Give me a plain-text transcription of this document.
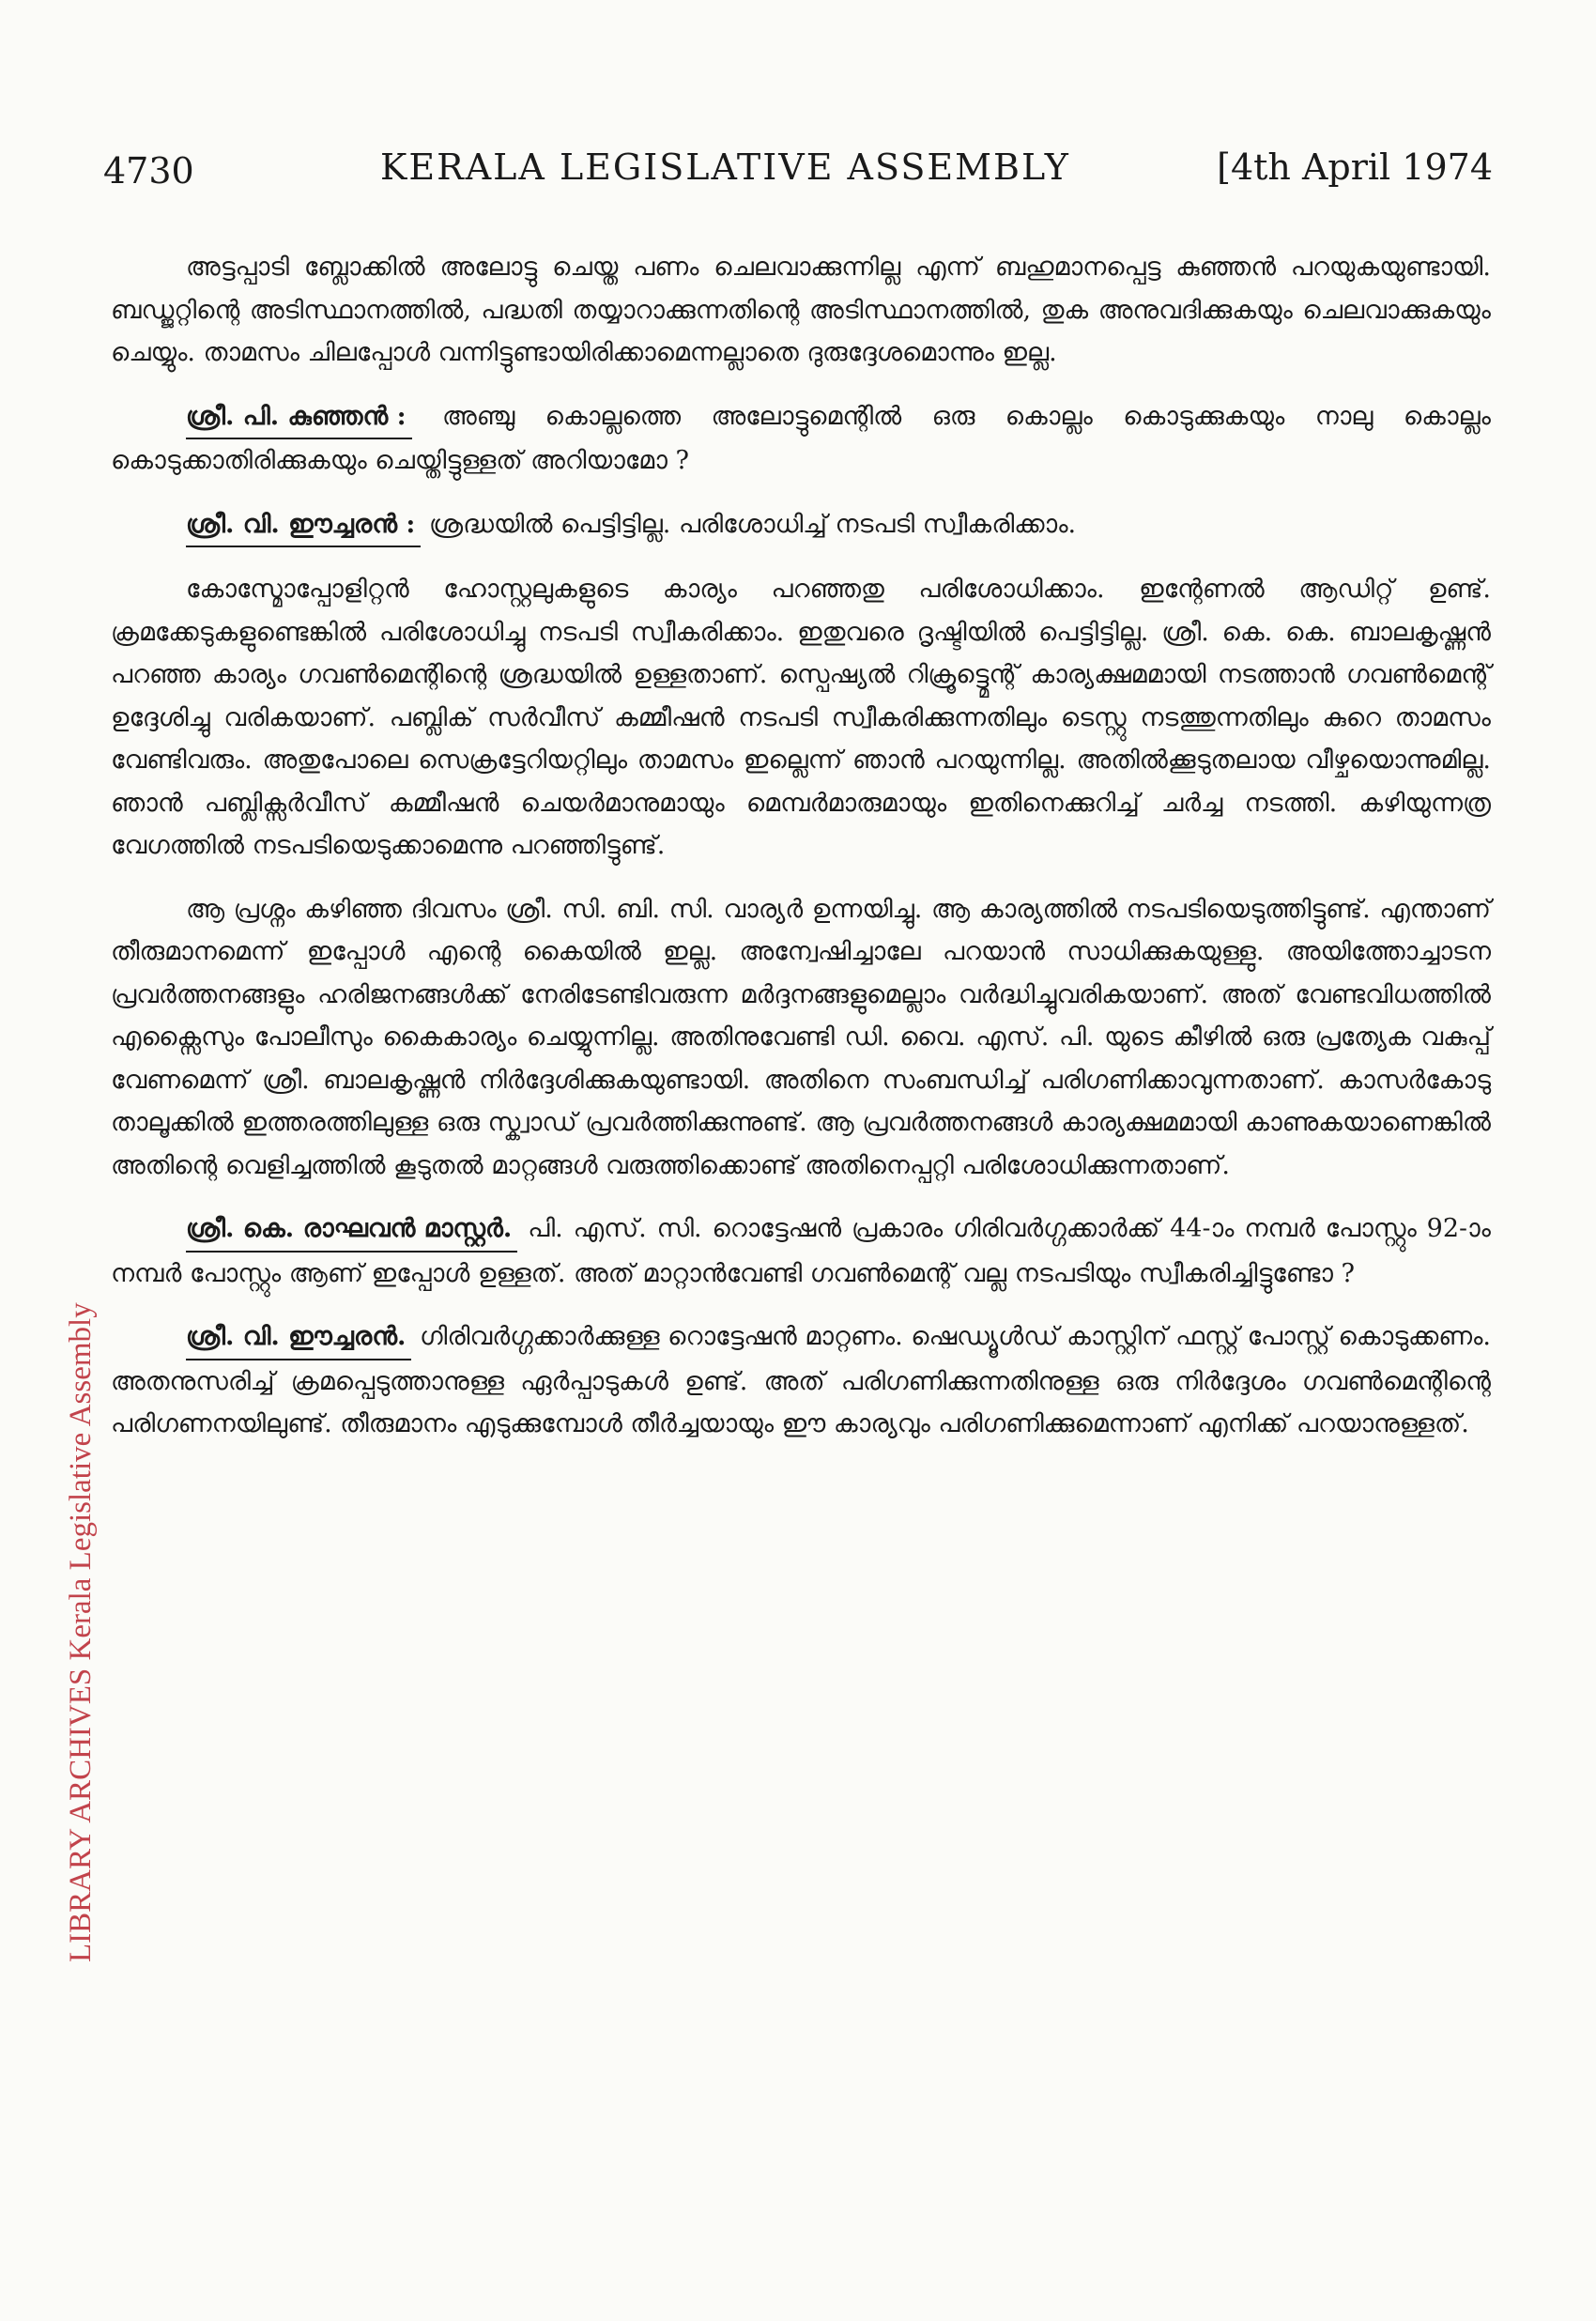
4730	KERALA LEGISLATIVE ASSEMBLY	[4th April 1974
LIBRARY ARCHIVES Kerala Legislative Assembly

അട്ടപ്പാടി ബ്ലോക്കിൽ അലോട്ടു ചെയ്ത പണം ചെലവാക്കുന്നില്ല എന്ന് ബഹുമാനപ്പെട്ട കുഞ്ഞൻ പറയുകയുണ്ടായി. ബഡ്ജറ്റിന്റെ അടിസ്ഥാനത്തിൽ, പദ്ധതി തയ്യാറാക്കുന്നതിന്റെ അടിസ്ഥാനത്തിൽ, തുക അനുവദിക്കുകയും ചെലവാക്കുകയും ചെയ്യും. താമസം ചിലപ്പോൾ വന്നിട്ടുണ്ടായിരിക്കാമെന്നല്ലാതെ ദുരുദ്ദേശമൊന്നും ഇല്ല.

ശ്രീ. പി. കുഞ്ഞൻ : അഞ്ചു കൊല്ലത്തെ അലോട്ടുമെന്റിൽ ഒരു കൊല്ലം കൊടുക്കുകയും നാലു കൊല്ലം കൊടുക്കാതിരിക്കുകയും ചെയ്തിട്ടുള്ളത് അറിയാമോ ?

ശ്രീ. വി. ഈച്ചരൻ : ശ്രദ്ധയിൽ പെട്ടിട്ടില്ല. പരിശോധിച്ച് നടപടി സ്വീകരിക്കാം.

കോസ്മോപ്പോളിറ്റൻ ഹോസ്റ്റലുകളുടെ കാര്യം പറഞ്ഞതു പരിശോധിക്കാം. ഇന്റേണൽ ആഡിറ്റ് ഉണ്ട്. ക്രമക്കേടുകളുണ്ടെങ്കിൽ പരിശോധിച്ചു നടപടി സ്വീകരിക്കാം. ഇതുവരെ ദൃഷ്ടിയിൽ പെട്ടിട്ടില്ല. ശ്രീ. കെ. കെ. ബാലകൃഷ്ണൻ പറഞ്ഞ കാര്യം ഗവൺമെന്റിന്റെ ശ്രദ്ധയിൽ ഉള്ളതാണ്. സ്പെഷ്യൽ റിക്രൂട്ട്മെന്റ് കാര്യക്ഷമമായി നടത്താൻ ഗവൺമെന്റ് ഉദ്ദേശിച്ചു വരികയാണ്. പബ്ലിക് സർവീസ് കമ്മീഷൻ നടപടി സ്വീകരിക്കുന്നതിലും ടെസ്റ്റു നടത്തുന്നതിലും കുറെ താമസം വേണ്ടിവരും. അതുപോലെ സെക്രട്ടേറിയറ്റിലും താമസം ഇല്ലെന്ന് ഞാൻ പറയുന്നില്ല. അതിൽക്കൂടുതലായ വീഴ്ചയൊന്നുമില്ല. ഞാൻ പബ്ലിക്സർവീസ് കമ്മീഷൻ ചെയർമാനുമായും മെമ്പർമാരുമായും ഇതിനെക്കുറിച്ച് ചർച്ച നടത്തി. കഴിയുന്നത്ര വേഗത്തിൽ നടപടിയെടുക്കാമെന്നു പറഞ്ഞിട്ടുണ്ട്.

ആ പ്രശ്നം കഴിഞ്ഞ ദിവസം ശ്രീ. സി. ബി. സി. വാര്യർ ഉന്നയിച്ചു. ആ കാര്യത്തിൽ നടപടിയെടുത്തിട്ടുണ്ട്. എന്താണ് തീരുമാനമെന്ന് ഇപ്പോൾ എന്റെ കൈയിൽ ഇല്ല. അന്വേഷിച്ചാലേ പറയാൻ സാധിക്കുകയുള്ളു. അയിത്തോച്ചാടന പ്രവർത്തനങ്ങളും ഹരിജനങ്ങൾക്ക് നേരിടേണ്ടിവരുന്ന മർദ്ദനങ്ങളുമെല്ലാം വർദ്ധിച്ചുവരികയാണ്. അത് വേണ്ടവിധത്തിൽ എക്സൈസും പോലീസും കൈകാര്യം ചെയ്യുന്നില്ല. അതിനുവേണ്ടി ഡി. വൈ. എസ്. പി. യുടെ കീഴിൽ ഒരു പ്രത്യേക വകുപ്പ് വേണമെന്ന് ശ്രീ. ബാലകൃഷ്ണൻ നിർദ്ദേശിക്കുകയുണ്ടായി. അതിനെ സംബന്ധിച്ച് പരിഗണിക്കാവുന്നതാണ്. കാസർകോടു താലൂക്കിൽ ഇത്തരത്തിലുള്ള ഒരു സ്ക്വാഡ് പ്രവർത്തിക്കുന്നുണ്ട്. ആ പ്രവർത്തനങ്ങൾ കാര്യക്ഷമമായി കാണുകയാണെങ്കിൽ അതിന്റെ വെളിച്ചത്തിൽ കൂടുതൽ മാറ്റങ്ങൾ വരുത്തിക്കൊണ്ട് അതിനെപ്പറ്റി പരിശോധിക്കുന്നതാണ്.

ശ്രീ. കെ. രാഘവൻ മാസ്റ്റർ. പി. എസ്. സി. റൊട്ടേഷൻ പ്രകാരം ഗിരിവർഗ്ഗക്കാർക്ക് 44-ാം നമ്പർ പോസ്റ്റും 92-ാം നമ്പർ പോസ്റ്റും ആണ് ഇപ്പോൾ ഉള്ളത്. അത് മാറ്റാൻവേണ്ടി ഗവൺമെന്റ് വല്ല നടപടിയും സ്വീകരിച്ചിട്ടുണ്ടോ ?

ശ്രീ. വി. ഈച്ചരൻ. ഗിരിവർഗ്ഗക്കാർക്കുള്ള റൊട്ടേഷൻ മാറ്റണം. ഷെഡ്യൂൾഡ് കാസ്റ്റിന് ഫസ്റ്റ് പോസ്റ്റ് കൊടുക്കണം. അതനുസരിച്ച് ക്രമപ്പെടുത്താനുള്ള ഏർപ്പാടുകൾ ഉണ്ട്. അത് പരിഗണിക്കുന്നതിനുള്ള ഒരു നിർദ്ദേശം ഗവൺമെന്റിന്റെ പരിഗണനയിലുണ്ട്. തീരുമാനം എടുക്കുമ്പോൾ തീർച്ചയായും ഈ കാര്യവും പരിഗണിക്കുമെന്നാണ് എനിക്ക് പറയാനുള്ളത്.
